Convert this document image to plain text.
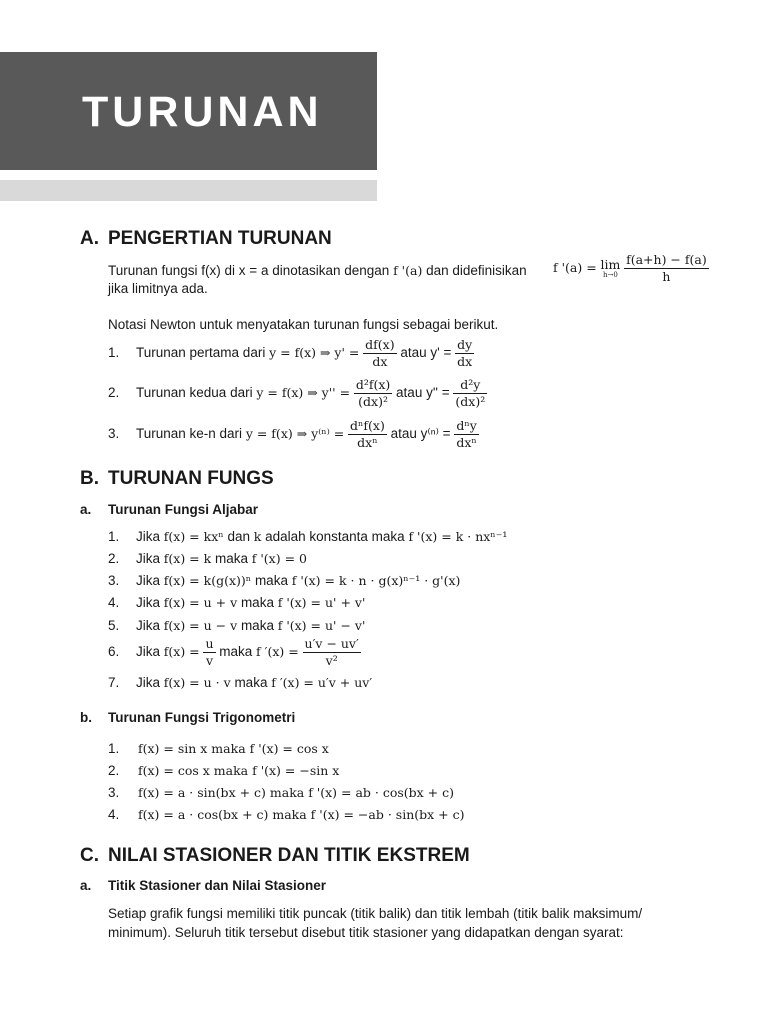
TURUNAN
A. PENGERTIAN TURUNAN
Turunan fungsi f(x) di x = a dinotasikan dengan f '(a) dan didefinisikan f '(a) = lim
h→0
$\frac{f(a+h) - f(a)}{h}$
jika limitnya ada.
Notasi Newton untuk menyatakan turunan fungsi sebagai berikut.
1. Turunan pertama dari y = f(x) ⇒ $y' = \frac{df(x)}{dx}$ atau $y' = \frac{dy}{dx}$
2. Turunan kedua dari y = f(x) ⇒ $y'' = \frac{\text{d²f(x)}}{\text{(dx)²}}$ atau $y'' = \frac{\text{d²y}}{\text{(dx)²}}$
3. Turunan ke-n dari y = f(x) ⇒ y⁽ⁿ⁾ =
dⁿf(x)
dxⁿ
atau y⁽ⁿ⁾ =
dⁿy
dxⁿ
B. TURUNAN FUNGS
a. Turunan Fungsi Aljabar
1. Jika f(x) = kxⁿ dan k adalah konstanta maka f '(x) = k · nxⁿ⁻¹
2. Jika f(x) = k maka f '(x) = 0
3. Jika f(x) = k(g(x))ⁿ maka f '(x) = k · n · g(x)ⁿ⁻¹ · g'(x)
4. Jika f(x) = u + v maka f '(x) = u' + v'
5. Jika f(x) = u − v maka f '(x) = u' − v'
6. Jika $f(x) = \frac{u}{v}$ maka f $'(x) = \frac{u'v - uv'}{\text{v²}}$
7. Jika f(x) = u · v maka f ′(x) = u′v + uv′
b. Turunan Fungsi Trigonometri
1. f(x) = sin x maka f '(x) = cos x
2. f(x) = cos x maka f '(x) = −sin x
3. f(x) = a · sin(bx + c) maka f '(x) = ab · cos(bx + c)
4. f(x) = a · cos(bx + c) maka f '(x) = −ab · sin(bx + c)
C. NILAI STASIONER DAN TITIK EKSTREM
a. Titik Stasioner dan Nilai Stasioner
Setiap grafik fungsi memiliki titik puncak (titik balik) dan titik lembah (titik balik maksimum/ minimum). Seluruh titik tersebut disebut titik stasioner yang didapatkan dengan syarat:
